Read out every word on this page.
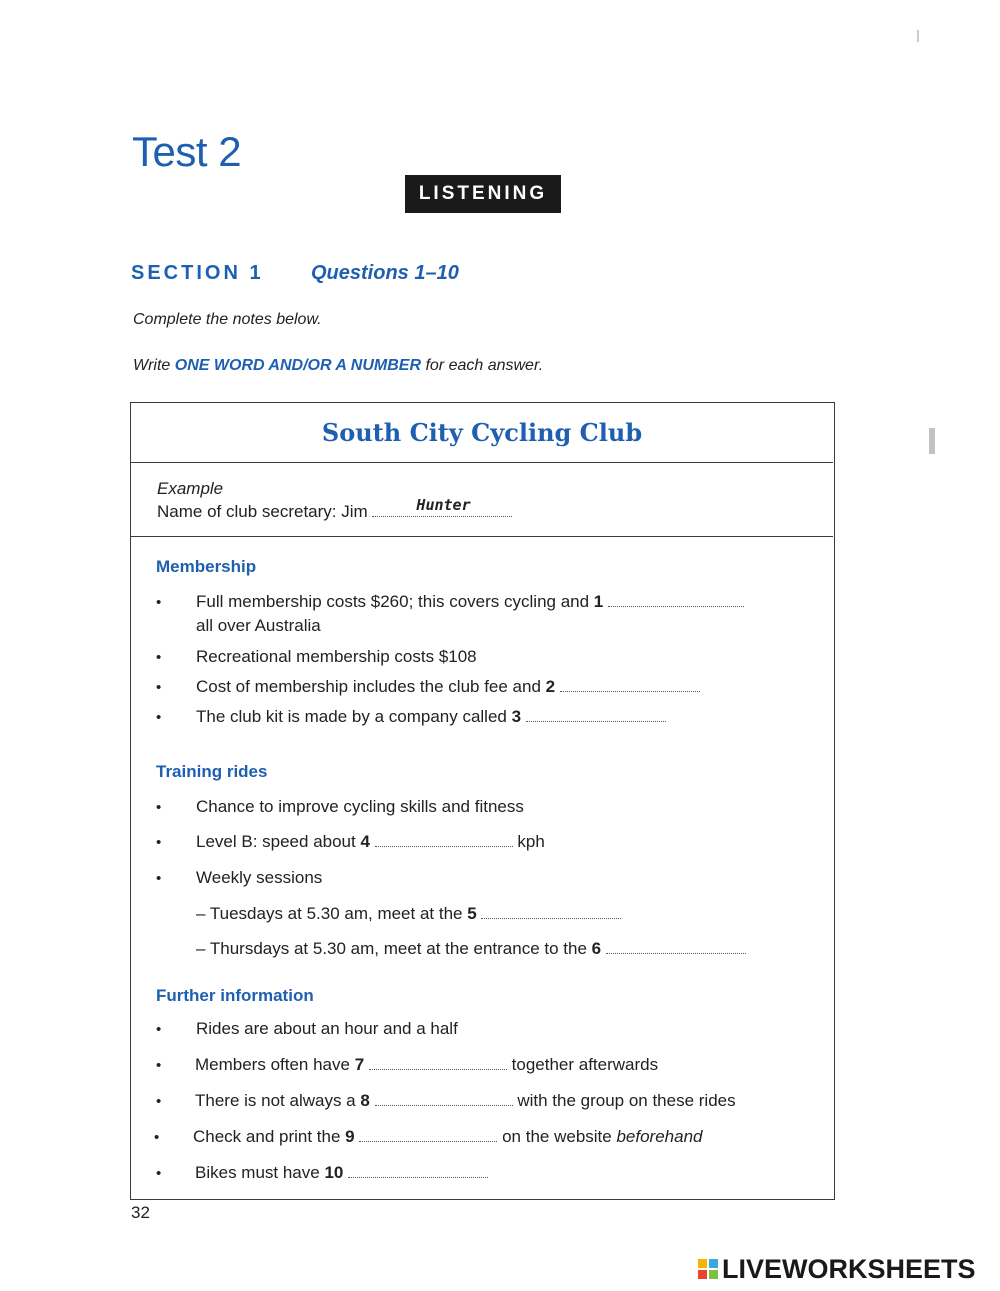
Test 2
LISTENING
SECTION 1 Questions 1–10
Complete the notes below.
Write ONE WORD AND/OR A NUMBER for each answer.
South City Cycling Club
Example
Name of club secretary: Jim	Hunter
Membership
• Full membership costs $260; this covers cycling and 1
all over Australia
• Recreational membership costs $108
• Cost of membership includes the club fee and 2
• The club kit is made by a company called 3
Training rides
• Chance to improve cycling skills and fitness
• Level B: speed about 4	kph
• Weekly sessions
– Tuesdays at 5.30 am, meet at the 5
– Thursdays at 5.30 am, meet at the entrance to the 6
Further information
• Rides are about an hour and a half
• Members often have 7	together afterwards
• There is not always a 8	with the group on these rides
• Check and print the 9	on the website beforehand
• Bikes must have 10
32
LIVEWORKSHEETS
